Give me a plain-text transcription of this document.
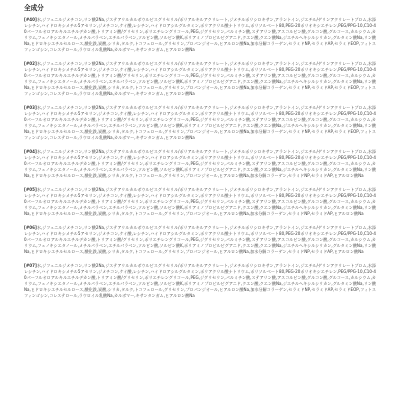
全成分

[#40]水,ジフェニルジメチコン,リン酸2Na,ジステアリルカルボウルビスグリセリル/ポリアルキルアクリレート,ジメチルポリシロキサン,アラントイン,ジエチル/ゲリンアクリレートブロム,水添レシチン,ハイドロキシメチル5アセリン,ジメチコン,ケイ酸,レシチン,ハイドロアシルグルタミン,ポリアクリル酸ナトリウム,ポリソルベート80,PEG-20ポリオキシエチレン,PEG/PPG-10,C10-40パーフルオロアルキルエチルデカン酸,トリアミン酸/グリセリン,ポリエチレングリコール,PEG,ジグリセリン,パルミチン酸,ステアリン酸,アスコルビン酸,グルコン酸,グルコース,カルシウム,カリウム,フェノキシエタノール,メチルパラベン,エチルパラベン,ソルビン酸,ソルビン酸K,ポリアミノプロピルビグアニド,クエン酸,クエン酸Na,ジエチルヘキシルシリカン,グルタミン酸Na,リン酸Na,ヒドロキシエチルセルロース,酸化鉄,炭酸,シリカ,タルク,トコフェロール,グリセリン,プロパンジオール,ヒアルロン酸Na,加水分解コラーゲン,セラミドNP,セラミドAP,セラミドEOP,フィトスフィンゴシン,コレステロール,ラウロイル乳酸Na,カルボマー,キサンタンガム,ヒアルロン酸Na

[#02]水,ジフェニルジメチコン,リン酸2Na,ジステアリルカルボウルビスグリセリル/ポリアルキルアクリレート,ジメチルポリシロキサン,アラントイン,ジエチル/ゲリンアクリレートブロム,水添レシチン,ハイドロキシメチル5アセリン,ジメチコン,ケイ酸,レシチン,ハイドロアシルグルタミン,ポリアクリル酸ナトリウム,ポリソルベート80,PEG-20ポリオキシエチレン,PEG/PPG-10,C10-40パーフルオロアルキルエチルデカン酸,トリアミン酸/グリセリン,ポリエチレングリコール,PEG,ジグリセリン,パルミチン酸,ステアリン酸,アスコルビン酸,グルコン酸,グルコース,カルシウム,カリウム,フェノキシエタノール,メチルパラベン,エチルパラベン,ソルビン酸,ソルビン酸K,ポリアミノプロピルビグアニド,クエン酸,クエン酸Na,ジエチルヘキシルシリカン,グルタミン酸Na,リン酸Na,ヒドロキシエチルセルロース,酸化鉄,炭酸,シリカ,タルク,トコフェロール,グリセリン,プロパンジオール,ヒアルロン酸Na,加水分解コラーゲン,セラミドNP,セラミドAP,セラミドEOP,フィトスフィンゴシン,コレステロール,ラウロイル乳酸Na,カルボマー,キサンタンガム,ヒアルロン酸Na

[#03]水,ジフェニルジメチコン,リン酸2Na,ジステアリルカルボウルビスグリセリル/ポリアルキルアクリレート,ジメチルポリシロキサン,アラントイン,ジエチル/ゲリンアクリレートブロム,水添レシチン,ハイドロキシメチル5アセリン,ジメチコン,ケイ酸,レシチン,ハイドロアシルグルタミン,ポリアクリル酸ナトリウム,ポリソルベート80,PEG-20ポリオキシエチレン,PEG/PPG-10,C10-40パーフルオロアルキルエチルデカン酸,トリアミン酸/グリセリン,ポリエチレングリコール,PEG,ジグリセリン,パルミチン酸,ステアリン酸,アスコルビン酸,グルコン酸,グルコース,カルシウム,カリウム,フェノキシエタノール,メチルパラベン,エチルパラベン,ソルビン酸,ソルビン酸K,ポリアミノプロピルビグアニド,クエン酸,クエン酸Na,ジエチルヘキシルシリカン,グルタミン酸Na,リン酸Na,ヒドロキシエチルセルロース,酸化鉄,炭酸,シリカ,タルク,トコフェロール,グリセリン,プロパンジオール,ヒアルロン酸Na,加水分解コラーゲン,セラミドNP,セラミドAP,セラミドEOP,フィトスフィンゴシン,コレステロール,ラウロイル乳酸Na,カルボマー,キサンタンガム,ヒアルロン酸Na

[#04]水,ジフェニルジメチコン,リン酸2Na,ジステアリルカルボウルビスグリセリル/ポリアルキルアクリレート,ジメチルポリシロキサン,アラントイン,ジエチル/ゲリンアクリレートブロム,水添レシチン,ハイドロキシメチル5アセリン,ジメチコン,ケイ酸,レシチン,ハイドロアシルグルタミン,ポリアクリル酸ナトリウム,ポリソルベート80,PEG-20ポリオキシエチレン,PEG/PPG-10,C10-40パーフルオロアルキルエチルデカン酸,トリアミン酸/グリセリン,ポリエチレングリコール,PEG,ジグリセリン,パルミチン酸,ステアリン酸,アスコルビン酸,グルコン酸,グルコース,カルシウム,カリウム,フェノキシエタノール,メチルパラベン,エチルパラベン,ソルビン酸,ソルビン酸K,ポリアミノプロピルビグアニド,クエン酸,クエン酸Na,ジエチルヘキシルシリカン,グルタミン酸Na,リン酸Na,ヒドロキシエチルセルロース,酸化鉄,炭酸,シリカ,タルク,トコフェロール,グリセリン,プロパンジオール,ヒアルロン酸Na,加水分解コラーゲン,セラミドNP,セラミドAP,ヒアルロン酸Na

[#05]水,ジフェニルジメチコン,リン酸2Na,ジステアリルカルボウルビスグリセリル/ポリアルキルアクリレート,ジメチルポリシロキサン,アラントイン,ジエチル/ゲリンアクリレートブロム,水添レシチン,ハイドロキシメチル5アセリン,ジメチコン,ケイ酸,レシチン,ハイドロアシルグルタミン,ポリアクリル酸ナトリウム,ポリソルベート80,PEG-20ポリオキシエチレン,PEG/PPG-10,C10-40パーフルオロアルキルエチルデカン酸,トリアミン酸/グリセリン,ポリエチレングリコール,PEG,ジグリセリン,パルミチン酸,ステアリン酸,アスコルビン酸,グルコン酸,グルコース,カルシウム,カリウム,フェノキシエタノール,メチルパラベン,エチルパラベン,ソルビン酸,ソルビン酸K,ポリアミノプロピルビグアニド,クエン酸,クエン酸Na,ジエチルヘキシルシリカン,グルタミン酸Na,リン酸Na,ヒドロキシエチルセルロース,酸化鉄,炭酸,シリカ,タルク,トコフェロール,グリセリン,プロパンジオール,ヒアルロン酸Na,加水分解コラーゲン,セラミドNP,セラミドAP,ヒアルロン酸Na

[#06]水,ジフェニルジメチコン,リン酸2Na,ジステアリルカルボウルビスグリセリル/ポリアルキルアクリレート,ジメチルポリシロキサン,アラントイン,ジエチル/ゲリンアクリレートブロム,水添レシチン,ハイドロキシメチル5アセリン,ジメチコン,ケイ酸,レシチン,ハイドロアシルグルタミン,ポリアクリル酸ナトリウム,ポリソルベート80,PEG-20ポリオキシエチレン,PEG/PPG-10,C10-40パーフルオロアルキルエチルデカン酸,トリアミン酸/グリセリン,ポリエチレングリコール,PEG,ジグリセリン,パルミチン酸,ステアリン酸,アスコルビン酸,グルコン酸,グルコース,カルシウム,カリウム,フェノキシエタノール,メチルパラベン,エチルパラベン,ソルビン酸,ソルビン酸K,ポリアミノプロピルビグアニド,クエン酸,クエン酸Na,ジエチルヘキシルシリカン,グルタミン酸Na,リン酸Na,ヒドロキシエチルセルロース,酸化鉄,炭酸,シリカ,タルク,トコフェロール,グリセリン,プロパンジオール,ヒアルロン酸Na,加水分解コラーゲン,セラミドNP,セラミドAP,ヒアルロン酸Na

[#07]水,ジフェニルジメチコン,リン酸2Na,ジステアリルカルボウルビスグリセリル/ポリアルキルアクリレート,ジメチルポリシロキサン,アラントイン,ジエチル/ゲリンアクリレートブロム,水添レシチン,ハイドロキシメチル5アセリン,ジメチコン,ケイ酸,レシチン,ハイドロアシルグルタミン,ポリアクリル酸ナトリウム,ポリソルベート80,PEG-20ポリオキシエチレン,PEG/PPG-10,C10-40パーフルオロアルキルエチルデカン酸,トリアミン酸/グリセリン,ポリエチレングリコール,PEG,ジグリセリン,パルミチン酸,ステアリン酸,アスコルビン酸,グルコン酸,グルコース,カルシウム,カリウム,フェノキシエタノール,メチルパラベン,エチルパラベン,ソルビン酸,ソルビン酸K,ポリアミノプロピルビグアニド,クエン酸,クエン酸Na,ジエチルヘキシルシリカン,グルタミン酸Na,リン酸Na,ヒドロキシエチルセルロース,酸化鉄,炭酸,シリカ,タルク,トコフェロール,グリセリン,プロパンジオール,ヒアルロン酸Na,加水分解コラーゲン,セラミドNP,セラミドAP,セラミドEOP,フィトスフィンゴシン,コレステロール,ラウロイル乳酸Na,カルボマー,キサンタンガム,ヒアルロン酸Na
